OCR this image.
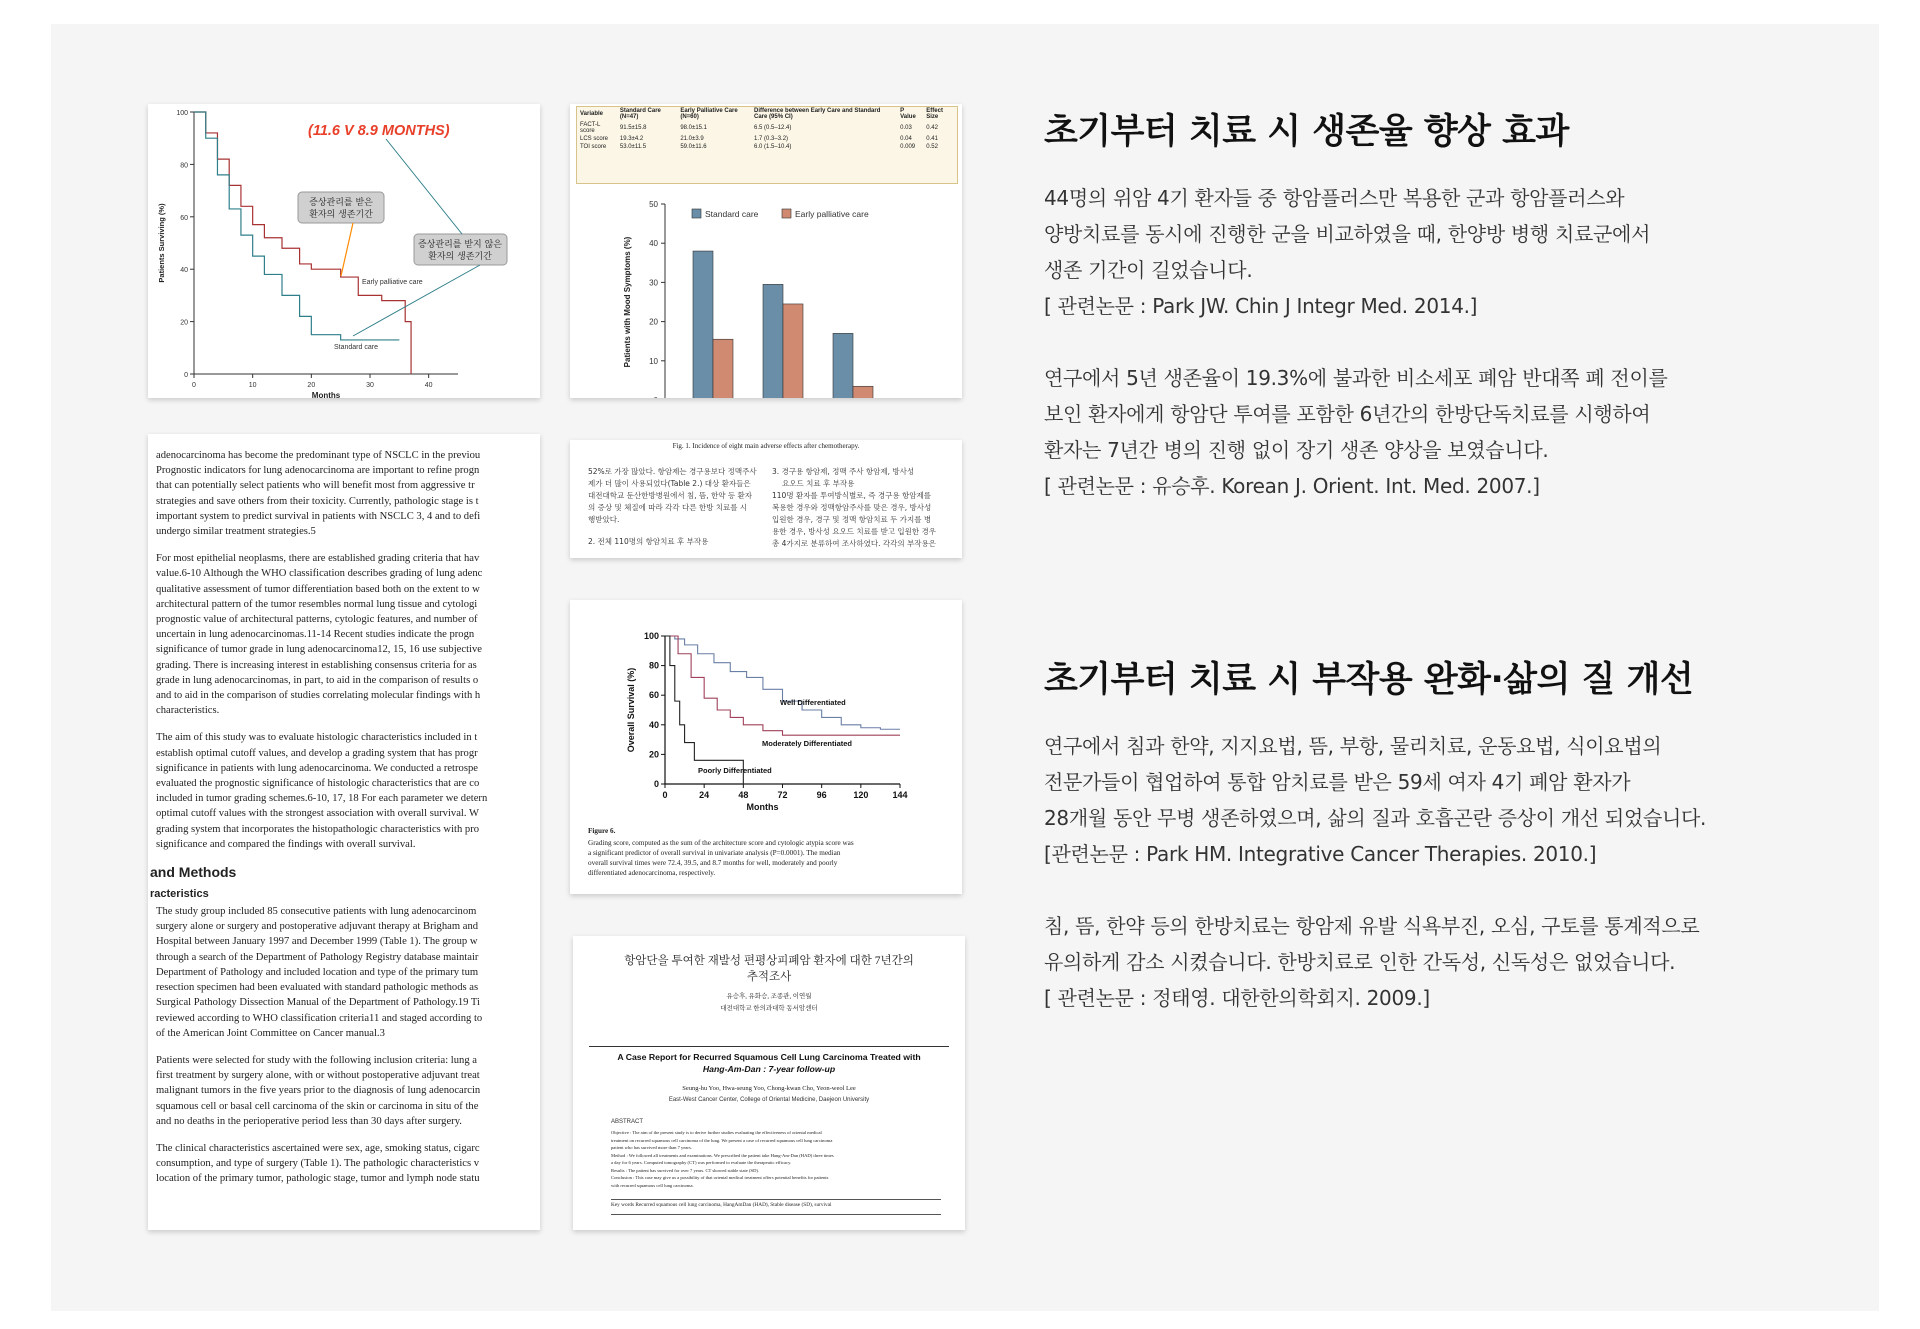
0
20
40
60
80
100
0	10	20	30	40
Months
Patients Surviving (%)
(11.6 V 8.9 MONTHS)
증상관리를 받은
환자의 생존기간
증상관리를 받지 않은
환자의 생존기간
Early palliative care
Standard care
Variable	Standard Care (N=47)	Early Palliative Care (N=60)	Difference between Early Care and Standard Care (95% CI)	P Value	Effect Size
FACT-L score	91.5±15.8	98.0±15.1	6.5 (0.5–12.4)	0.03	0.42
LCS score	19.3±4.2	21.0±3.9	1.7 (0.3–3.2)	0.04	0.41
TOI score	53.0±11.5	59.0±11.6	6.0 (1.5–10.4)	0.009	0.52
10
20
30
40
50
Patients with Mood Symptoms (%)
Standard care	Early palliative care

adenocarcinoma has become the predominant type of NSCLC in the previou
Prognostic indicators for lung adenocarcinoma are important to refine progn
that can potentially select patients who will benefit most from aggressive tr
strategies and save others from their toxicity. Currently, pathologic stage is t
important system to predict survival in patients with NSCLC 3, 4 and to defi
undergo similar treatment strategies.5

For most epithelial neoplasms, there are established grading criteria that hav
value.6-10 Although the WHO classification describes grading of lung adenc
qualitative assessment of tumor differentiation based both on the extent to w
architectural pattern of the tumor resembles normal lung tissue and cytologi
prognostic value of architectural patterns, cytologic features, and number of
uncertain in lung adenocarcinomas.11-14 Recent studies indicate the progn
significance of tumor grade in lung adenocarcinoma12, 15, 16 use subjective
grading. There is increasing interest in establishing consensus criteria for as
grade in lung adenocarcinomas, in part, to aid in the comparison of results o
and to aid in the comparison of studies correlating molecular findings with h
characteristics.

The aim of this study was to evaluate histologic characteristics included in t
establish optimal cutoff values, and develop a grading system that has progr
significance in patients with lung adenocarcinoma. We conducted a retrospe
evaluated the prognostic significance of histologic characteristics that are co
included in tumor grading schemes.6-10, 17, 18 For each parameter we detern
optimal cutoff values with the strongest association with overall survival. W
grading system that incorporates the histopathologic characteristics with pro
significance and compared the findings with overall survival.

and Methods
racteristics

The study group included 85 consecutive patients with lung adenocarcinom
surgery alone or surgery and postoperative adjuvant therapy at Brigham and
Hospital between January 1997 and December 1999 (Table 1). The group w
through a search of the Department of Pathology Registry database maintair
Department of Pathology and included location and type of the primary tum
resection specimen had been evaluated with standard pathologic methods as
Surgical Pathology Dissection Manual of the Department of Pathology.19 Ti
reviewed according to WHO classification criteria11 and staged according to
of the American Joint Committee on Cancer manual.3

Patients were selected for study with the following inclusion criteria: lung a
first treatment by surgery alone, with or without postoperative adjuvant treat
malignant tumors in the five years prior to the diagnosis of lung adenocarcin
squamous cell or basal cell carcinoma of the skin or carcinoma in situ of the
and no deaths in the perioperative period less than 30 days after surgery.

The clinical characteristics ascertained were sex, age, smoking status, cigarc
consumption, and type of surgery (Table 1). The pathologic characteristics v
location of the primary tumor, pathologic stage, tumor and lymph node statu

Fig. 1. Incidence of eight main adverse effects after chemotherapy.
52%로 가장 많았다. 항암제는 경구용보다 정맥주사
제가 더 많이 사용되었다(Table 2.) 대상 환자들은
대전대학교 둔산한방병원에서 침, 뜸, 한약 등 환자
의 증상 및 체질에 따라 각각 다른 한방 치료를 시
행받았다.
2. 전체 110명의 항암치료 후 부작용
3. 경구용 항암제, 정맥 주사 항암제, 방사성
요오드 치료 후 부작용
110명 환자를 투여방식별로, 즉 경구용 항암제를
복용한 경우와 정맥항암주사를 맞은 경우, 방사성
입원한 경우, 경구 및 정맥 항암치료 두 가지를 병
용한 경우, 방사성 요오드 치료를 받고 입원한 경우
총 4가지로 분류하여 조사하였다. 각각의 부작용은
0
20
40
60
80
100
0	24	48	72	96	120	144
Months
Overall Survival (%)	Well Differentiated
Moderately Differentiated
Poorly Differentiated
Figure 6.
Grading score, computed as the sum of the architecture score and cytologic atypia score was
a significant predictor of overall survival in univariate analysis (P=0.0001). The median
overall survival times were 72.4, 39.5, and 8.7 months for well, moderately and poorly
differentiated adenocarcinoma, respectively.
항암단을 투여한 재발성 편평상피폐암 환자에 대한 7년간의
추적조사
유승후, 유화승, 조종관, 이연월
대전대학교 한의과대학 동서암센터
A Case Report for Recurred Squamous Cell Lung Carcinoma Treated with
Hang-Am-Dan : 7-year follow-up
Seung-hu Yoo, Hwa-seung Yoo, Chong-kwan Cho, Yeon-weol Lee
East-West Cancer Center, College of Oriental Medicine, Daejeon University
ABSTRACT
Objective : The aim of the present study is to derive further studies evaluating the effectiveness of oriental medical
treatment on recurred squamous cell carcinoma of the lung. We present a case of recurred squamous cell lung carcinoma
patient who has survived more than 7 years.
Method : We followed all treatments and examinations. We prescribed the patient take Hang-Am-Dan (HAD) three times
a day for 6 years. Computed tomography (CT) was performed to evaluate the therapeutic efficacy.
Results : The patient has survived for over 7 years. CT showed stable state (SD).
Conclusion : This case may give us a possibility of that oriental medical treatment offers potential benefits for patients
with recurred squamous cell lung carcinoma.
Key words Recurred squamous cell lung carcinoma, HangAmDan (HAD), Stable disease (SD), survival
초기부터 치료 시 생존율 향상 효과

44명의 위암 4기 환자들 중 항암플러스만 복용한 군과 항암플러스와

양방치료를 동시에 진행한 군을 비교하였을 때, 한양방 병행 치료군에서

생존 기간이 길었습니다.

[ 관련논문 : Park JW. Chin J Integr Med. 2014.]

연구에서 5년 생존율이 19.3%에 불과한 비소세포 폐암 반대쪽 폐 전이를

보인 환자에게 항암단 투여를 포함한 6년간의 한방단독치료를 시행하여

환자는 7년간 병의 진행 없이 장기 생존 양상을 보였습니다.

[ 관련논문 : 유승후. Korean J. Orient. Int. Med. 2007.]

초기부터 치료 시 부작용 완화·삶의 질 개선

연구에서 침과 한약, 지지요법, 뜸, 부항, 물리치료, 운동요법, 식이요법의

전문가들이 협업하여 통합 암치료를 받은 59세 여자 4기 폐암 환자가

28개월 동안 무병 생존하였으며, 삶의 질과 호흡곤란 증상이 개선 되었습니다.

[관련논문 : Park HM. Integrative Cancer Therapies. 2010.]

침, 뜸, 한약 등의 한방치료는 항암제 유발 식욕부진, 오심, 구토를 통계적으로

유의하게 감소 시켰습니다. 한방치료로 인한 간독성, 신독성은 없었습니다.

[ 관련논문 : 정태영. 대한한의학회지. 2009.]
